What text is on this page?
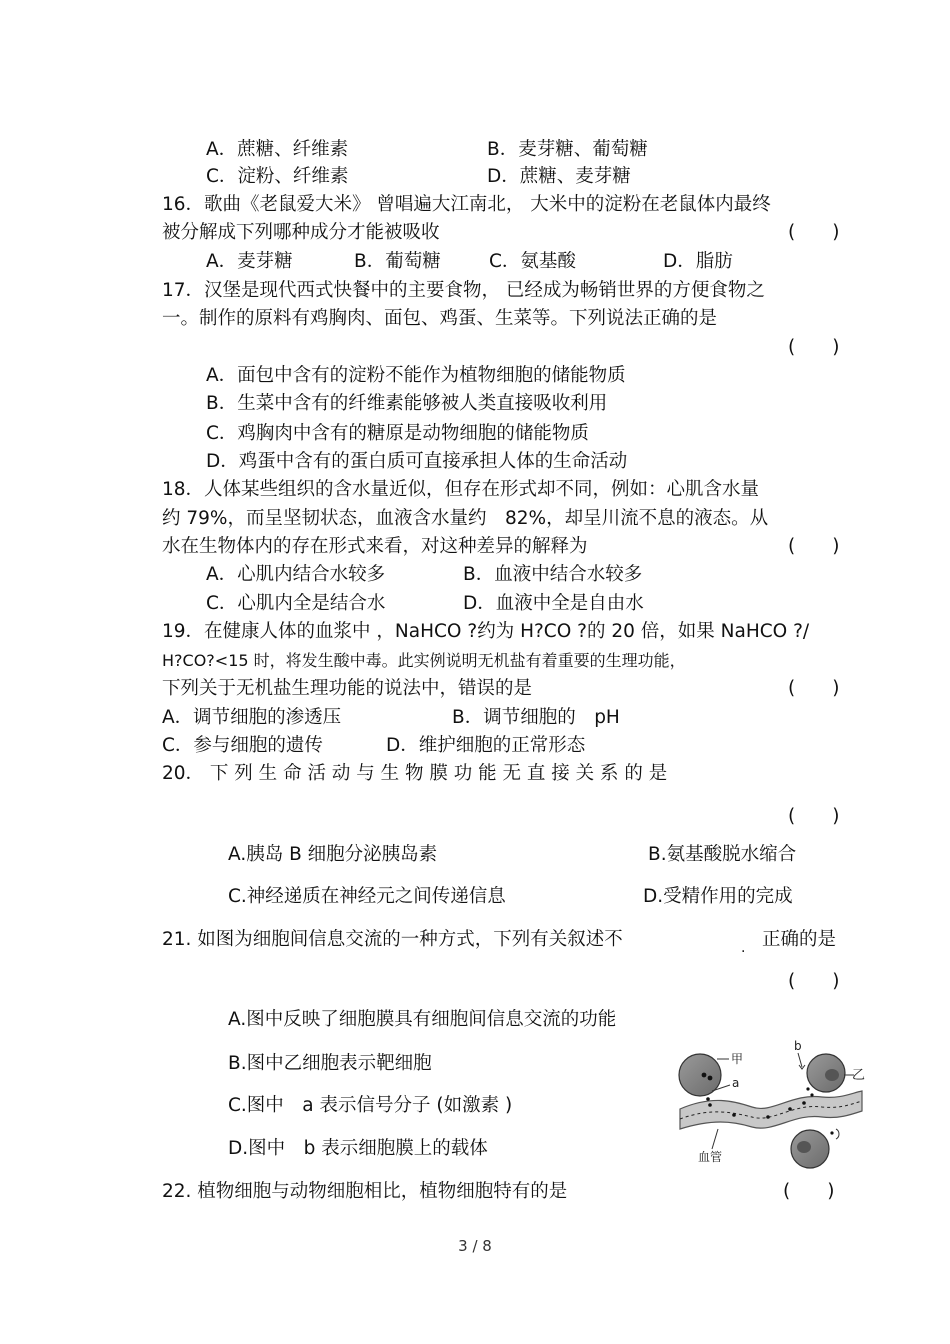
A．蔗糖、纤维素	B．麦芽糖、葡萄糖
C．淀粉、纤维素	D．蔗糖、麦芽糖
16．歌曲《老鼠爱大米》 曾唱遍大江南北， 大米中的淀粉在老鼠体内最终
被分解成下列哪种成分才能被吸收	(　　)
A．麦芽糖	B．葡萄糖	C．氨基酸	D．脂肪
17．汉堡是现代西式快餐中的主要食物， 已经成为畅销世界的方便食物之
一。制作的原料有鸡胸肉、面包、鸡蛋、生菜等。下列说法正确的是
(　　)
A．面包中含有的淀粉不能作为植物细胞的储能物质
B．生菜中含有的纤维素能够被人类直接吸收利用
C．鸡胸肉中含有的糖原是动物细胞的储能物质
D．鸡蛋中含有的蛋白质可直接承担人体的生命活动
18．人体某些组织的含水量近似，但存在形式却不同，例如：心肌含水量
约 79%，而呈坚韧状态，血液含水量约　82%，却呈川流不息的液态。从
水在生物体内的存在形式来看，对这种差异的解释为	(　　)
A．心肌内结合水较多	B．血液中结合水较多
C．心肌内全是结合水	D．血液中全是自由水
19．在健康人体的血浆中 ，NaHCO ?约为 H?CO ?的 20 倍，如果 NaHCO ?/
H?CO?<15 时，将发生酸中毒。此实例说明无机盐有着重要的生理功能，
下列关于无机盐生理功能的说法中，错误的是	(　　)
A．调节细胞的渗透压	B．调节细胞的　pH
C．参与细胞的遗传	D．维护细胞的正常形态
20． 下 列 生 命 活 动 与 生 物 膜 功 能 无 直 接 关 系 的 是
(　　)
A.胰岛 B 细胞分泌胰岛素	B.氨基酸脱水缩合
C.神经递质在神经元之间传递信息	D.受精作用的完成
21. 如图为细胞间信息交流的一种方式，下列有关叙述不	. 正确的是
(　　)
A.图中反映了细胞膜具有细胞间信息交流的功能
B.图中乙细胞表示靶细胞
C.图中　a 表示信号分子 (如激素 )
D.图中　b 表示细胞膜上的载体
甲
a	乙
b
血管
22. 植物细胞与动物细胞相比，植物细胞特有的是	(　　)
3 / 8
